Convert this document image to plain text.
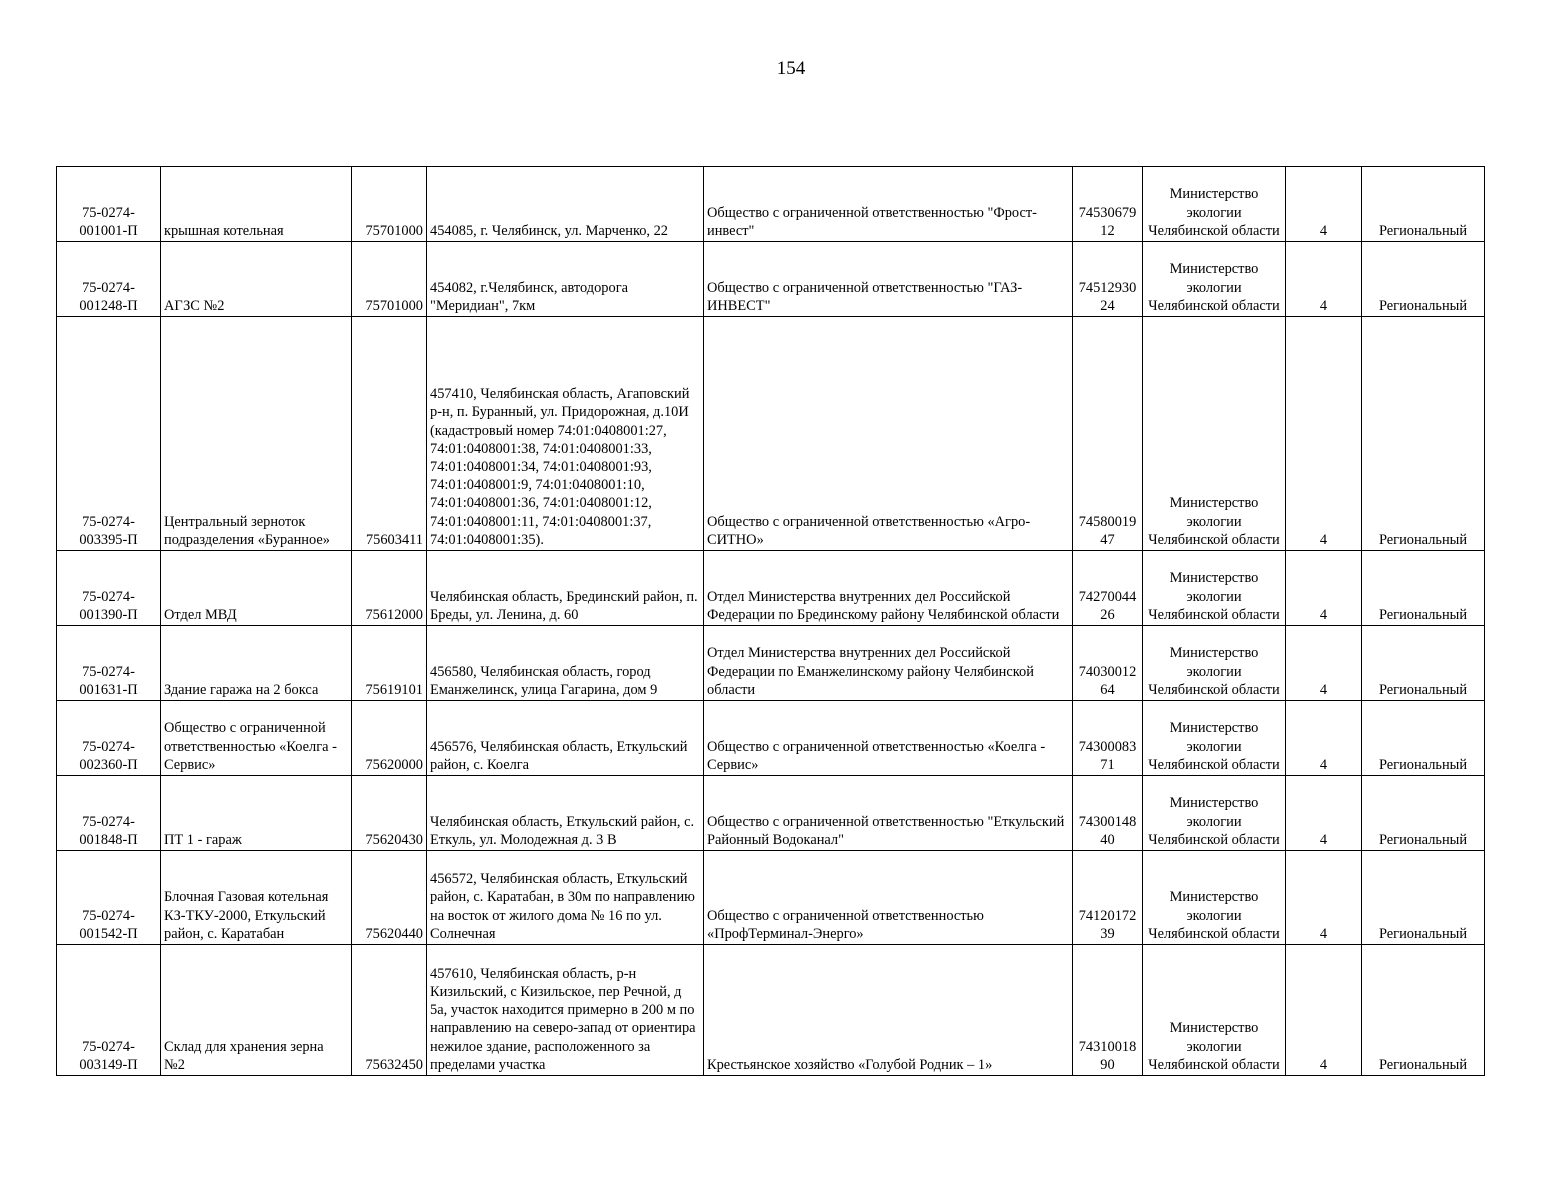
154
75-0274-001001-П	крышная котельная	75701000	454085, г. Челябинск, ул. Марченко, 22	Общество с ограниченной ответственностью "Фрост-инвест"	7453067912	Министерство экологии Челябинской области	4	Региональный
75-0274-001248-П	АГЗС №2	75701000	454082, г.Челябинск, автодорога "Меридиан", 7км	Общество с ограниченной ответственностью "ГАЗ-ИНВЕСТ"	7451293024	Министерство экологии Челябинской области	4	Региональный
75-0274-003395-П	Центральный зерноток подразделения «Буранное»	75603411	457410, Челябинская область, Агаповский р-н, п. Буранный, ул. Придорожная, д.10И (кадастровый номер 74:01:0408001:27, 74:01:0408001:38, 74:01:0408001:33, 74:01:0408001:34, 74:01:0408001:93, 74:01:0408001:9, 74:01:0408001:10, 74:01:0408001:36, 74:01:0408001:12, 74:01:0408001:11, 74:01:0408001:37, 74:01:0408001:35).	Общество с ограниченной ответственностью «Агро-СИТНО»	7458001947	Министерство экологии Челябинской области	4	Региональный
75-0274-001390-П	Отдел МВД	75612000	Челябинская область, Брединский район, п. Бреды, ул. Ленина, д. 60	Отдел Министерства внутренних дел Российской Федерации по Брединскому району Челябинской области	7427004426	Министерство экологии Челябинской области	4	Региональный
75-0274-001631-П	Здание гаража на 2 бокса	75619101	456580, Челябинская область, город Еманжелинск, улица Гагарина, дом 9	Отдел Министерства внутренних дел Российской Федерации по Еманжелинскому району Челябинской области	7403001264	Министерство экологии Челябинской области	4	Региональный
75-0274-002360-П	Общество с ограниченной ответственностью «Коелга - Сервис»	75620000	456576, Челябинская область, Еткульский район, с. Коелга	Общество с ограниченной ответственностью «Коелга - Сервис»	7430008371	Министерство экологии Челябинской области	4	Региональный
75-0274-001848-П	ПТ 1 - гараж	75620430	Челябинская область, Еткульский район, с. Еткуль, ул. Молодежная д. 3 В	Общество с ограниченной ответственностью "Еткульский Районный Водоканал"	7430014840	Министерство экологии Челябинской области	4	Региональный
75-0274-001542-П	Блочная Газовая котельная КЗ-ТКУ-2000, Еткульский район, с. Каратабан	75620440	456572, Челябинская область, Еткульский район, с. Каратабан, в 30м по направлению на восток от жилого дома № 16 по ул. Солнечная	Общество с ограниченной ответственностью «ПрофТерминал-Энерго»	7412017239	Министерство экологии Челябинской области	4	Региональный
75-0274-003149-П	Склад для хранения зерна №2	75632450	457610, Челябинская область, р-н Кизильский, с Кизильское, пер Речной, д 5а, участок находится примерно в 200 м по направлению на северо-запад от ориентира нежилое здание, расположенного за пределами участка	Крестьянское хозяйство «Голубой Родник – 1»	7431001890	Министерство экологии Челябинской области	4	Региональный
